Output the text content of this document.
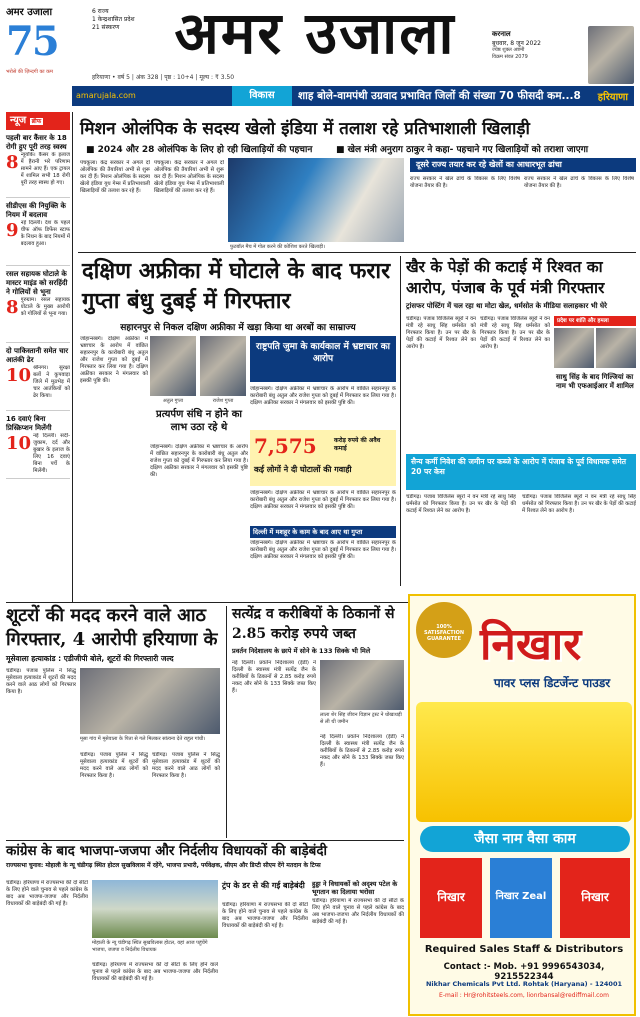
अमर उजाला
75
भरोसे की ज़िन्दगी का कम
6 राज्य
1 केन्द्रशासित प्रदेश
21 संस्करण
हरियाणा • वर्ष 5 | अंक 328 | पृष्ठ : 10+4 | मूल्य : ₹ 3.50
अमर उजाला	करनाल
बुधवार, 8 जून 2022
ज्येष्ठ शुक्ल अष्टमी
विक्रम संवत 2079
amarujala.com	विकास	शाह बोले-वामपंथी उग्रवाद प्रभावित जिलों की संख्या 70 फीसदी कम...8 हरियाणा
न्यूज ब्रीफ
पहली बार कैंसर के 18 रोगी हुए पूरी तरह स्वस्थ
8 न्यूयॉर्क। कैंसर के इलाज में हैरानी भरे परिणाम सामने आए हैं। एक ट्रायल में शामिल सभी 18 रोगी पूरी तरह स्वस्थ हो गए।
सीडीएस की नियुक्ति के नियम में बदलाव
9 नई दिल्ली। देश के पहले चीफ ऑफ डिफेंस स्टाफ के निधन के बाद नियमों में बदलाव हुआ।
रसल सहायक घोटाले के मास्टर माइंड को सरहिंदी ने गोलियों से भूना
8 गुरुग्राम। रसल सहायक घोटाले के मुख्य आरोपी को गोलियों से भूना गया।
दो पाकिस्तानी समेत चार आतंकी ढेर
10 श्रीनगर। सुरक्षा बलों ने कुपवाड़ा जिले में मुठभेड़ में चार आतंकियों को ढेर किया।
16 दवाएं बिना प्रिस्क्रिप्शन मिलेंगी
10 नई दिल्ली। सर्दी-जुकाम, दर्द और बुखार के इलाज के लिए 16 दवाएं बिना पर्चे के मिलेंगी।
मिशन ओलंपिक के सदस्य खेलो इंडिया में तलाश रहे प्रतिभाशाली खिलाड़ी
■ 2024 और 28 ओलंपिक के लिए हो रही खिलाड़ियों की पहचान	■ खेल मंत्री अनुराग ठाकुर ने कहा- पहचाने गए खिलाड़ियों को तराशा जाएगा
पंचकूला। केंद्र सरकार ने अगले दो ओलंपिक की तैयारियां अभी से शुरू कर दी हैं। मिशन ओलंपिक के सदस्य खेलो इंडिया यूथ गेम्स में प्रतिभाशाली खिलाड़ियों की तलाश कर रहे हैं।
पंचकूला। केंद्र सरकार ने अगले दो ओलंपिक की तैयारियां अभी से शुरू कर दी हैं। मिशन ओलंपिक के सदस्य खेलो इंडिया यूथ गेम्स में प्रतिभाशाली खिलाड़ियों की तलाश कर रहे हैं।
फुटबॉल मैच में गोल करने की कोशिश करते खिलाड़ी।
दूसरे राज्य तयार कर रहे खेलों का आधारभूत ढांचा
राज्य सरकार ने खेल ढांचे के विकास के लिए विशेष योजना तैयार की है।
राज्य सरकार ने खेल ढांचे के विकास के लिए विशेष योजना तैयार की है।
दक्षिण अफ्रीका में घोटाले के बाद फरार गुप्ता बंधु दुबई में गिरफ्तार
सहारनपुर से निकल दक्षिण अफ्रीका में खड़ा किया था अरबों का साम्राज्य
जोहान्सबर्ग। दक्षिण अफ्रीका में भ्रष्टाचार के आरोप में वांछित सहारनपुर के कारोबारी बंधु अतुल और राजेश गुप्ता को दुबई में गिरफ्तार कर लिया गया है। दक्षिण अफ्रीका सरकार ने मंगलवार को इसकी पुष्टि की।
अतुल गुप्ता	राजेश गुप्ता
राष्ट्रपति जुमा के कार्यकाल में भ्रष्टाचार का आरोप
जोहान्सबर्ग। दक्षिण अफ्रीका में भ्रष्टाचार के आरोप में वांछित सहारनपुर के कारोबारी बंधु अतुल और राजेश गुप्ता को दुबई में गिरफ्तार कर लिया गया है। दक्षिण अफ्रीका सरकार ने मंगलवार को इसकी पुष्टि की।
प्रत्यर्पण संधि न होने का लाभ उठा रहे थे
जोहान्सबर्ग। दक्षिण अफ्रीका में भ्रष्टाचार के आरोप में वांछित सहारनपुर के कारोबारी बंधु अतुल और राजेश गुप्ता को दुबई में गिरफ्तार कर लिया गया है। दक्षिण अफ्रीका सरकार ने मंगलवार को इसकी पुष्टि की।
7,575	करोड़ रुपये की अवैध कमाई
कई लोगों ने दी घोटालों की गवाही
जोहान्सबर्ग। दक्षिण अफ्रीका में भ्रष्टाचार के आरोप में वांछित सहारनपुर के कारोबारी बंधु अतुल और राजेश गुप्ता को दुबई में गिरफ्तार कर लिया गया है। दक्षिण अफ्रीका सरकार ने मंगलवार को इसकी पुष्टि की।
दिल्ली में मशहूर के काम के बाद आए था गुप्ता
जोहान्सबर्ग। दक्षिण अफ्रीका में भ्रष्टाचार के आरोप में वांछित सहारनपुर के कारोबारी बंधु अतुल और राजेश गुप्ता को दुबई में गिरफ्तार कर लिया गया है। दक्षिण अफ्रीका सरकार ने मंगलवार को इसकी पुष्टि की।
खैर के पेड़ों की कटाई में रिश्वत का आरोप, पंजाब के पूर्व मंत्री गिरफ्तार
ट्रांसफर पोस्टिंग में चल रहा था मोटा खेल, धर्मसोत के मीडिया सलाहकार भी घेरे
चंडीगढ़। पंजाब विजिलेंस ब्यूरो ने वन मंत्री रहे साधु सिंह धर्मसोत को गिरफ्तार किया है। उन पर खैर के पेड़ों की कटाई में रिश्वत लेने का आरोप है।
चंडीगढ़। पंजाब विजिलेंस ब्यूरो ने वन मंत्री रहे साधु सिंह धर्मसोत को गिरफ्तार किया है। उन पर खैर के पेड़ों की कटाई में रिश्वत लेने का आरोप है।
प्रदेश पर शांति और हमला
साधु सिंह के बाद गिल्जियां का नाम भी एफआईआर में शामिल
सैन्य कर्मी निवेश की जमीन पर कब्जे के आरोप में पंजाब के पूर्व विधायक समेत 20 पर केस
चंडीगढ़। पंजाब विजिलेंस ब्यूरो ने वन मंत्री रहे साधु सिंह धर्मसोत को गिरफ्तार किया है। उन पर खैर के पेड़ों की कटाई में रिश्वत लेने का आरोप है।
चंडीगढ़। पंजाब विजिलेंस ब्यूरो ने वन मंत्री रहे साधु सिंह धर्मसोत को गिरफ्तार किया है। उन पर खैर के पेड़ों की कटाई में रिश्वत लेने का आरोप है।
शूटरों की मदद करने वाले आठ गिरफ्तार, 4 आरोपी हरियाणा के
मूसेवाला हत्याकांड : एडीजीपी बोले, शूटरों की गिरफ्तारी जल्द
चंडीगढ़। पंजाब पुलिस ने सिद्धू मूसेवाला हत्याकांड में शूटरों की मदद करने वाले आठ लोगों को गिरफ्तार किया है।
मूसा गांव में मूसेवाला के पिता से गले मिलकर सांत्वना देते राहुल गांधी।
चंडीगढ़। पंजाब पुलिस ने सिद्धू मूसेवाला हत्याकांड में शूटरों की मदद करने वाले आठ लोगों को गिरफ्तार किया है।
चंडीगढ़। पंजाब पुलिस ने सिद्धू मूसेवाला हत्याकांड में शूटरों की मदद करने वाले आठ लोगों को गिरफ्तार किया है।
सत्येंद्र व करीबियों के ठिकानों से 2.85 करोड़ रुपये जब्त
प्रवर्तन निदेशालय के छापे में सोने के 133 सिक्के भी मिले
नई दिल्ली। प्रवर्तन निदेशालय (ईडी) ने दिल्ली के स्वास्थ्य मंत्री सत्येंद्र जैन के करीबियों के ठिकानों से 2.85 करोड़ रुपये नकद और सोने के 133 सिक्के जब्त किए हैं।
लाला शेर सिंह जीवन विज्ञान ट्रस्ट ने धोखाधड़ी से ली थी जमीन
नई दिल्ली। प्रवर्तन निदेशालय (ईडी) ने दिल्ली के स्वास्थ्य मंत्री सत्येंद्र जैन के करीबियों के ठिकानों से 2.85 करोड़ रुपये नकद और सोने के 133 सिक्के जब्त किए हैं।
100% SATISFACTION GUARANTEE निखार
पावर प्लस डिटर्जेन्ट पाउडर
जैसा नाम वैसा काम
निखार	निखार Zeal	निखार
Required Sales Staff & Distributors
Contact :- Mob. +91 9996543034, 9215522344
Nikhar Chemicals Pvt Ltd. Rohtak (Haryana) - 124001
E-mail : Hr@rohitsteels.com, lionrbansal@rediffmail.com
कांग्रेस के बाद भाजपा-जजपा और निर्दलीय विधायकों की बाड़ेबंदी
राज्यसभा चुनाव: मोहाली के न्यू चंडीगढ़ स्थित होटल सुखविलास में रहेंगे, भाजपा प्रभारी, पर्यवेक्षक, सीएम और डिप्टी सीएम देंगे मतदान के टिप्स
चंडीगढ़। हरियाणा में राज्यसभा की दो सीटों के लिए होने वाले चुनाव से पहले कांग्रेस के बाद अब भाजपा-जजपा और निर्दलीय विधायकों की बाड़ेबंदी की गई है।
मोहाली के न्यू चंडीगढ़ स्थित सुखविलास होटल, यहां आज पहुंचेंगे भाजपा, जजपा व निर्दलीय विधायक
चंडीगढ़। हरियाणा में राज्यसभा की दो सीटों के लिए होने वाले चुनाव से पहले कांग्रेस के बाद अब भाजपा-जजपा और निर्दलीय विधायकों की बाड़ेबंदी की गई है।
ट्रंप के डर से की गई बाड़ेबंदी
चंडीगढ़। हरियाणा में राज्यसभा की दो सीटों के लिए होने वाले चुनाव से पहले कांग्रेस के बाद अब भाजपा-जजपा और निर्दलीय विधायकों की बाड़ेबंदी की गई है।
हुड्डा ने विधायकों को अदृश्य पटेल के भूगतान का दिलाया भरोसा
चंडीगढ़। हरियाणा में राज्यसभा की दो सीटों के लिए होने वाले चुनाव से पहले कांग्रेस के बाद अब भाजपा-जजपा और निर्दलीय विधायकों की बाड़ेबंदी की गई है।
